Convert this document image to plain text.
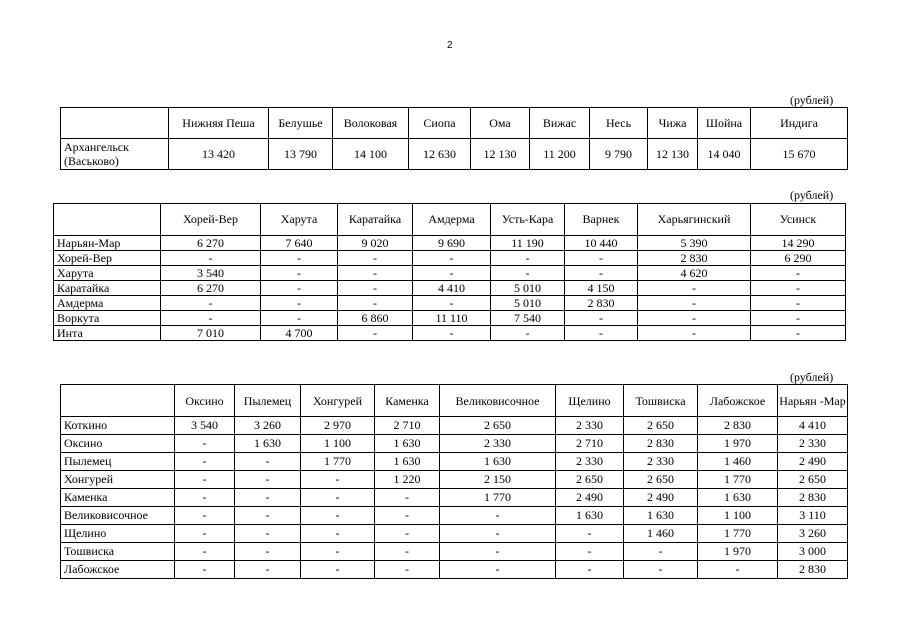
2
(рублей)
	Нижняя Пеша	Белушье	Волоковая	Сиопа	Ома	Вижас	Несь	Чижа	Шойна	Индига
Архангельск (Васьково)	13 420	13 790	14 100	12 630	12 130	11 200	9 790	12 130	14 040	15 670
(рублей)
	Хорей-Вер	Харута	Каратайка	Амдерма	Усть-Кара	Варнек	Харьягинский	Усинск
Нарьян-Мар	6 270	7 640	9 020	9 690	11 190	10 440	5 390	14 290
Хорей-Вер	-	-	-	-	-	-	2 830	6 290
Харута	3 540	-	-	-	-	-	4 620	-
Каратайка	6 270	-	-	4 410	5 010	4 150	-	-
Амдерма	-	-	-	-	5 010	2 830	-	-
Воркута	-	-	6 860	11 110	7 540	-	-	-
Инта	7 010	4 700	-	-	-	-	-	-
(рублей)
	Оксино	Пылемец	Хонгурей	Каменка	Великовисочное	Щелино	Тошвиска	Лабожское	Нарьян -Мар
Коткино	3 540	3 260	2 970	2 710	2 650	2 330	2 650	2 830	4 410
Оксино	-	1 630	1 100	1 630	2 330	2 710	2 830	1 970	2 330
Пылемец	-	-	1 770	1 630	1 630	2 330	2 330	1 460	2 490
Хонгурей	-	-	-	1 220	2 150	2 650	2 650	1 770	2 650
Каменка	-	-	-	-	1 770	2 490	2 490	1 630	2 830
Великовисочное	-	-	-	-	-	1 630	1 630	1 100	3 110
Щелино	-	-	-	-	-	-	1 460	1 770	3 260
Тошвиска	-	-	-	-	-	-	-	1 970	3 000
Лабожское	-	-	-	-	-	-	-	-	2 830
